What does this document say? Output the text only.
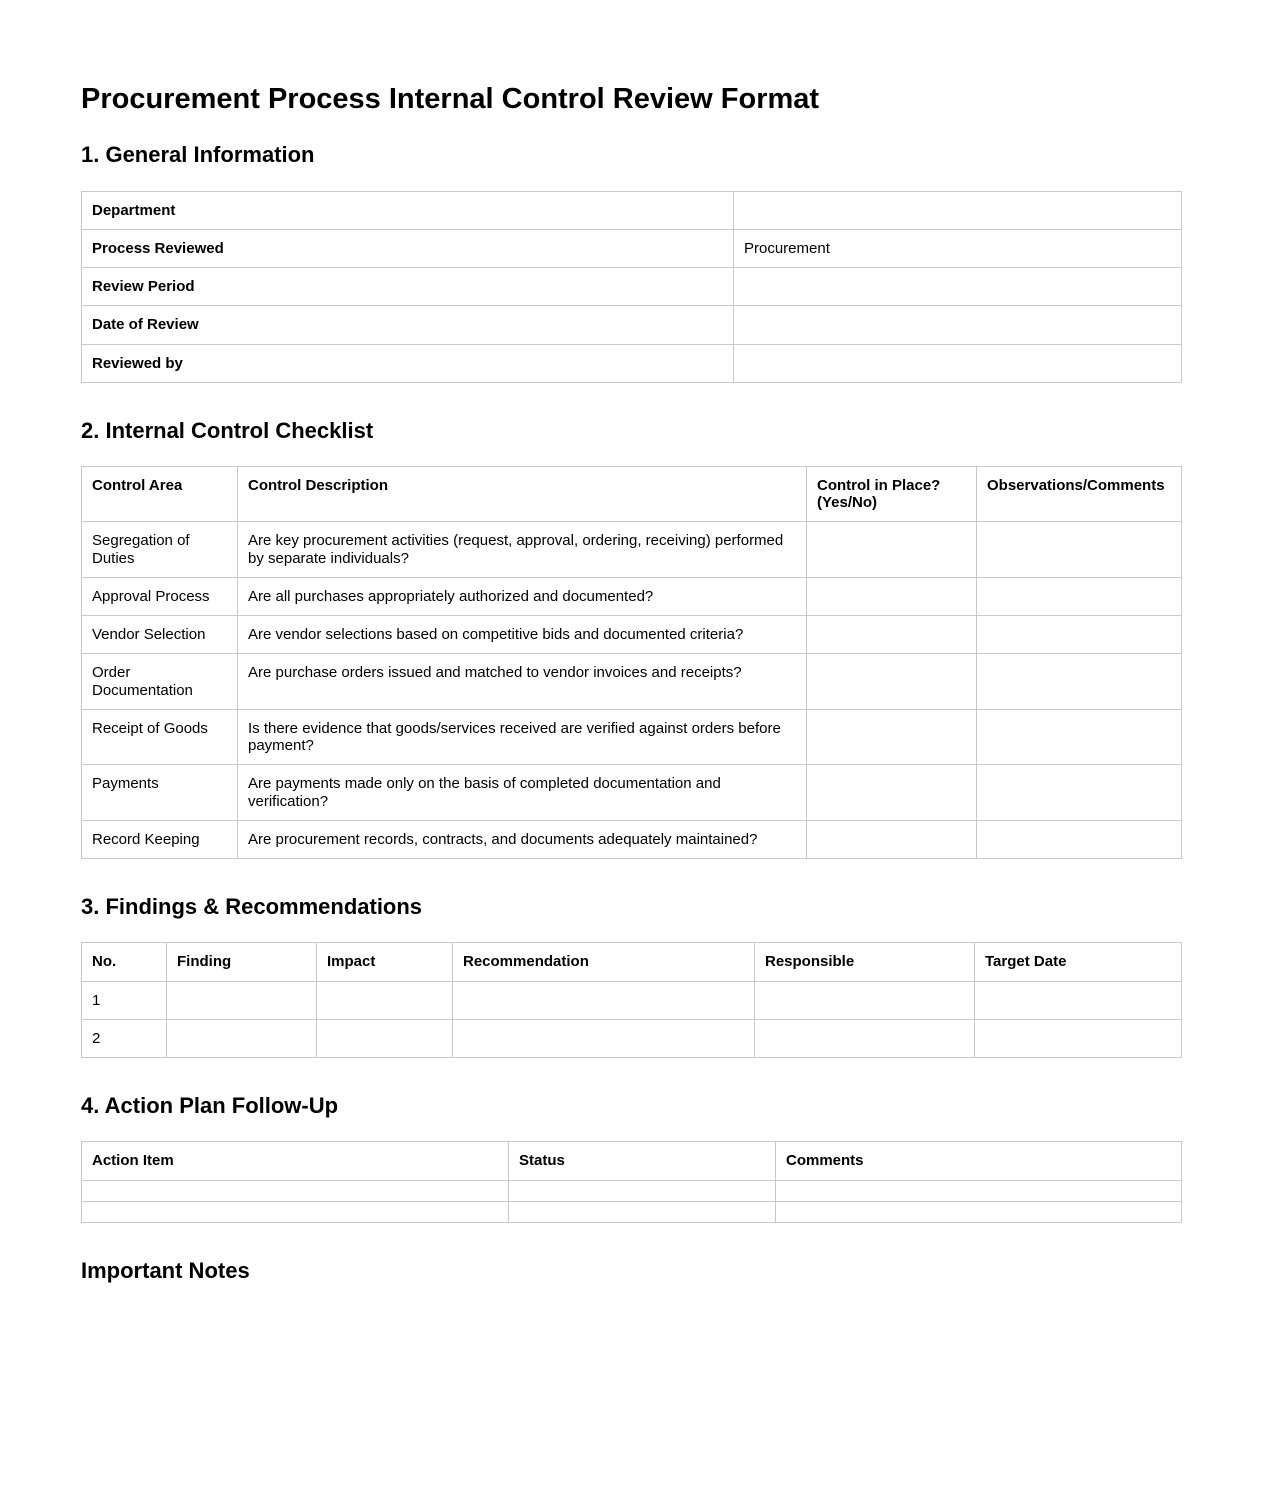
Procurement Process Internal Control Review Format
1. General Information
Department	
Process Reviewed	Procurement
Review Period	
Date of Review	
Reviewed by	
2. Internal Control Checklist
Control Area	Control Description	Control in Place? (Yes/No)	Observations/Comments
Segregation of Duties	Are key procurement activities (request, approval, ordering, receiving) performed by separate individuals?		
Approval Process	Are all purchases appropriately authorized and documented?		
Vendor Selection	Are vendor selections based on competitive bids and documented criteria?		
Order Documentation	Are purchase orders issued and matched to vendor invoices and receipts?		
Receipt of Goods	Is there evidence that goods/services received are verified against orders before payment?		
Payments	Are payments made only on the basis of completed documentation and verification?		
Record Keeping	Are procurement records, contracts, and documents adequately maintained?		
3. Findings & Recommendations
No.	Finding	Impact	Recommendation	Responsible	Target Date
1					
2					
4. Action Plan Follow-Up
Action Item	Status	Comments

Important Notes
